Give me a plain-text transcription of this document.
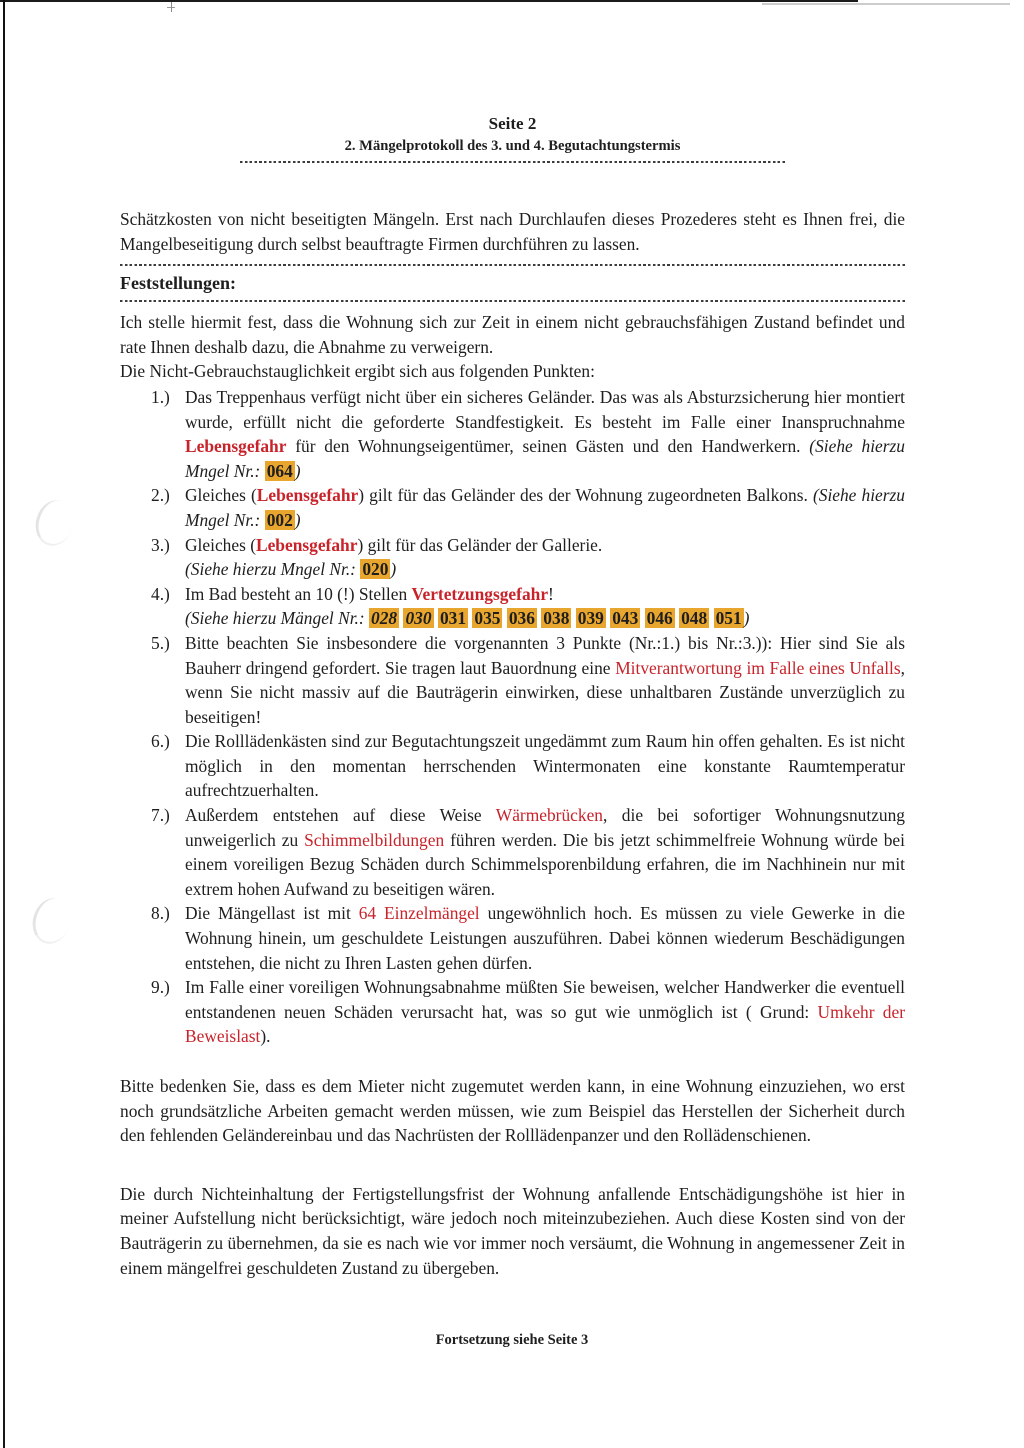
Seite 2
2. Mängelprotokoll des 3. und 4. Begutachtungstermis

Schätzkosten von nicht beseitigten Mängeln. Erst nach Durchlaufen dieses Prozederes steht es Ihnen frei, die Mangelbeseitigung durch selbst beauftragte Firmen durchführen zu lassen.

Feststellungen:

Ich stelle hiermit fest, dass die Wohnung sich zur Zeit in einem nicht gebrauchsfähigen Zustand befindet und rate Ihnen deshalb dazu, die Abnahme zu verweigern.
Die Nicht-Gebrauchstauglichkeit ergibt sich aus folgenden Punkten:

1.) Das Treppenhaus verfügt nicht über ein sicheres Geländer. Das was als Absturzsicherung hier montiert wurde, erfüllt nicht die geforderte Standfestigkeit. Es besteht im Falle einer Inanspruchnahme Lebensgefahr für den Wohnungseigentümer, seinen Gästen und den Handwerkern. (Siehe hierzu Mngel Nr.: 064 )
2.) Gleiches (Lebensgefahr) gilt für das Geländer des der Wohnung zugeordneten Balkons. (Siehe hierzu Mngel Nr.: 002 )
3.) Gleiches (Lebensgefahr) gilt für das Geländer der Gallerie.
(Siehe hierzu Mngel Nr.: 020 )
4.) Im Bad besteht an 10 (!) Stellen Vertetzungsgefahr!
(Siehe hierzu Mängel Nr.: 028 030 031 035 036 038 039 043 046 048 051 )
5.) Bitte beachten Sie insbesondere die vorgenannten 3 Punkte (Nr.:1.) bis Nr.:3.)): Hier sind Sie als Bauherr dringend gefordert. Sie tragen laut Bauordnung eine Mitverantwortung im Falle eines Unfalls, wenn Sie nicht massiv auf die Bauträgerin einwirken, diese unhaltbaren Zustände unverzüglich zu beseitigen!
6.) Die Rolllädenkästen sind zur Begutachtungszeit ungedämmt zum Raum hin offen gehalten. Es ist nicht möglich in den momentan herrschenden Wintermonaten eine konstante Raumtemperatur aufrechtzuerhalten.
7.) Außerdem entstehen auf diese Weise Wärmebrücken, die bei sofortiger Wohnungsnutzung unweigerlich zu Schimmelbildungen führen werden. Die bis jetzt schimmelfreie Wohnung würde bei einem voreiligen Bezug Schäden durch Schimmelsporenbildung erfahren, die im Nachhinein nur mit extrem hohen Aufwand zu beseitigen wären.
8.) Die Mängellast ist mit 64 Einzelmängel ungewöhnlich hoch. Es müssen zu viele Gewerke in die Wohnung hinein, um geschuldete Leistungen auszuführen. Dabei können wiederum Beschädigungen entstehen, die nicht zu Ihren Lasten gehen dürfen.
9.) Im Falle einer voreiligen Wohnungsabnahme müßten Sie beweisen, welcher Handwerker die eventuell entstandenen neuen Schäden verursacht hat, was so gut wie unmöglich ist ( Grund: Umkehr der Beweislast).

Bitte bedenken Sie, dass es dem Mieter nicht zugemutet werden kann, in eine Wohnung einzuziehen, wo erst noch grundsätzliche Arbeiten gemacht werden müssen, wie zum Beispiel das Herstellen der Sicherheit durch den fehlenden Geländereinbau und das Nachrüsten der Rolllädenpanzer und den Rollädenschienen.

Die durch Nichteinhaltung der Fertigstellungsfrist der Wohnung anfallende Entschädigungshöhe ist hier in meiner Aufstellung nicht berücksichtigt, wäre jedoch noch miteinzubeziehen. Auch diese Kosten sind von der Bauträgerin zu übernehmen, da sie es nach wie vor immer noch versäumt, die Wohnung in angemessener Zeit in einem mängelfrei geschuldeten Zustand zu übergeben.

Fortsetzung siehe Seite 3
